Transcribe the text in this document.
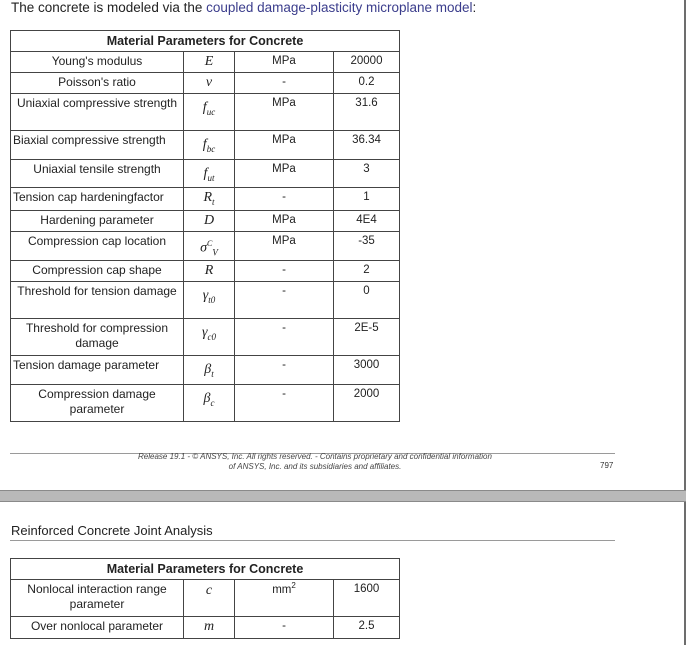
The concrete is modeled via the coupled damage-plasticity microplane model:
Material Parameters for Concrete			
Young's modulus	E	MPa	20000
Poisson's ratio	ν	-	0.2
Uniaxial compressive strength	$f_{uc}$	MPa	31.6
Biaxial compressive strength	$f_{bc}$	MPa	36.34
Uniaxial tensile strength	$f_{ut}$	MPa	3
Tension cap hardeningfactor	$R_t$	-	1
Hardening parameter	D	MPa	4E4
Compression cap location	$\sigma^C_V$	MPa	-35
Compression cap shape	R	-	2
Threshold for tension damage	$\gamma_{t0}$	-	0
Threshold for compression damage	$\gamma_{c0}$	-	2E-5
Tension damage parameter	$\beta_t$	-	3000
Compression damage parameter	$\beta_c$	-	2000
Release 19.1 - © ANSYS, Inc. All rights reserved. - Contains proprietary and confidential information
of ANSYS, Inc. and its subsidiaries and affiliates.	797
Reinforced Concrete Joint Analysis
Material Parameters for Concrete			
Nonlocal interaction range parameter	c	$mm^2$	1600
Over nonlocal parameter	m	-	2.5
